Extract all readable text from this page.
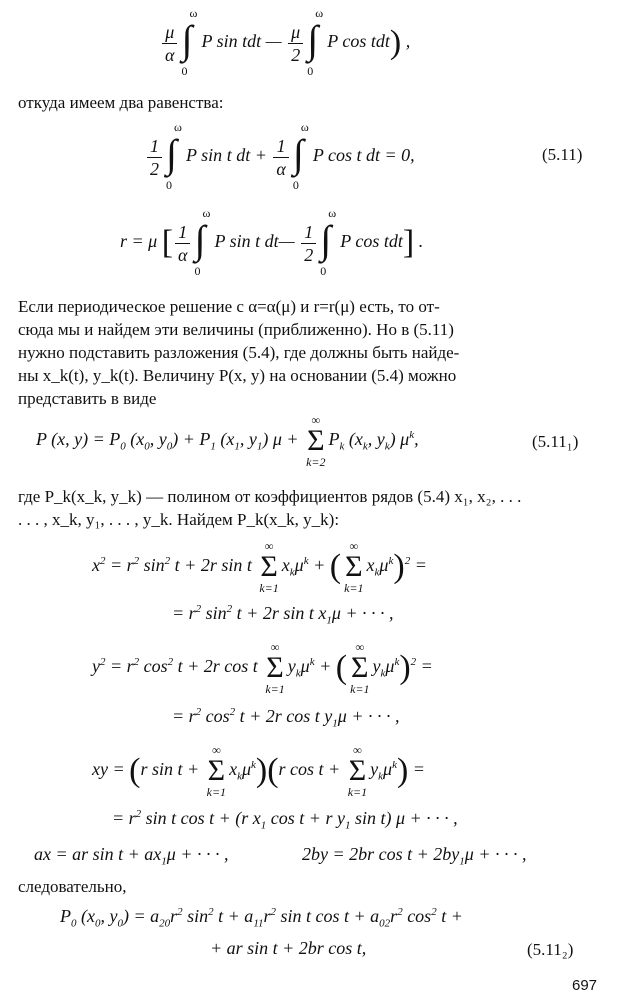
$\frac{\mu}{\alpha}$
ω
∫
0
P sin tdt — $\frac{\mu}{2}$
ω
∫
0
P cos tdt) ,
откуда имеем два равенства:
$\frac{1}{2}$
ω
∫
0
P sin t dt + $\frac{1}{\alpha}$
ω
∫
0
P cos t dt = 0,	(5.11)
r = μ [ $\frac{1}{\alpha}$
ω
∫
0
P sin t dt— $\frac{1}{2}$
ω
∫
0
P cos tdt] .
Если периодическое решение с α=α(μ) и r=r(μ) есть, то от-
сюда мы и найдем эти величины (приближенно). Но в (5.11)
нужно подставить разложения (5.4), где должны быть найде-
ны x_k(t), y_k(t). Величину P(x, y) на основании (5.4) можно
представить в виде
P (x, $y) = P_0$ ($x_0$, $y_0) + P_1$ ($x_1$, $y_1$) μ +
∞
Σ
k=2
$P_k$ ($x_k$, $y_k$) $\mu^k$,	(5.11₁)
где P_k(x_k, y_k) — полином от коэффициентов рядов (5.4) x₁, x₂, . . .
. . . , x_k, y₁, . . . , y_k. Найдем P_k(x_k, y_k):
$x^2 = r^2$ $\sin^2 t + 2r$ sin t
∞
Σ
k=1
$x_k\mu^k$ + (
∞
Σ
k=1
$x_k\mu^k)^2$ =
= $r^2$ $\sin^2 t + 2r$ sin t $x_1\mu$ + · · · ,
$y^2 = r^2$ $\cos^2 t + 2r$ cos t
∞
Σ
k=1
$y_k\mu^k$ + (
∞
Σ
k=1
$y_k\mu^k)^2$ =
= $r^2$ $\cos^2 t + 2r$ cos t $y_1\mu$ + · · · ,
xy = (r sin t +
∞
Σ
k=1
$x_k\mu^k)(r$ cos t +
∞
Σ
k=1
$y_k\mu^k$) =
= $r^2$ sin t cos t + (r $x_1$ cos t + r $y_1$ sin t) μ + · · · ,
ax = ar $\sin t + ax_1\mu$ + · · · ,	2by = 2br $\cos t + 2by_1\mu$ + · · · ,
следовательно,
$P_0$ ($x_0$, $y_0) = a_{20}r^2$ $\sin^2 t + a_{11}r^2$ sin t $\cos t + a_{02}r^2$ $\cos^2 t$ +
+ ar sin t + 2br cos t,	(5.11₂)
697
